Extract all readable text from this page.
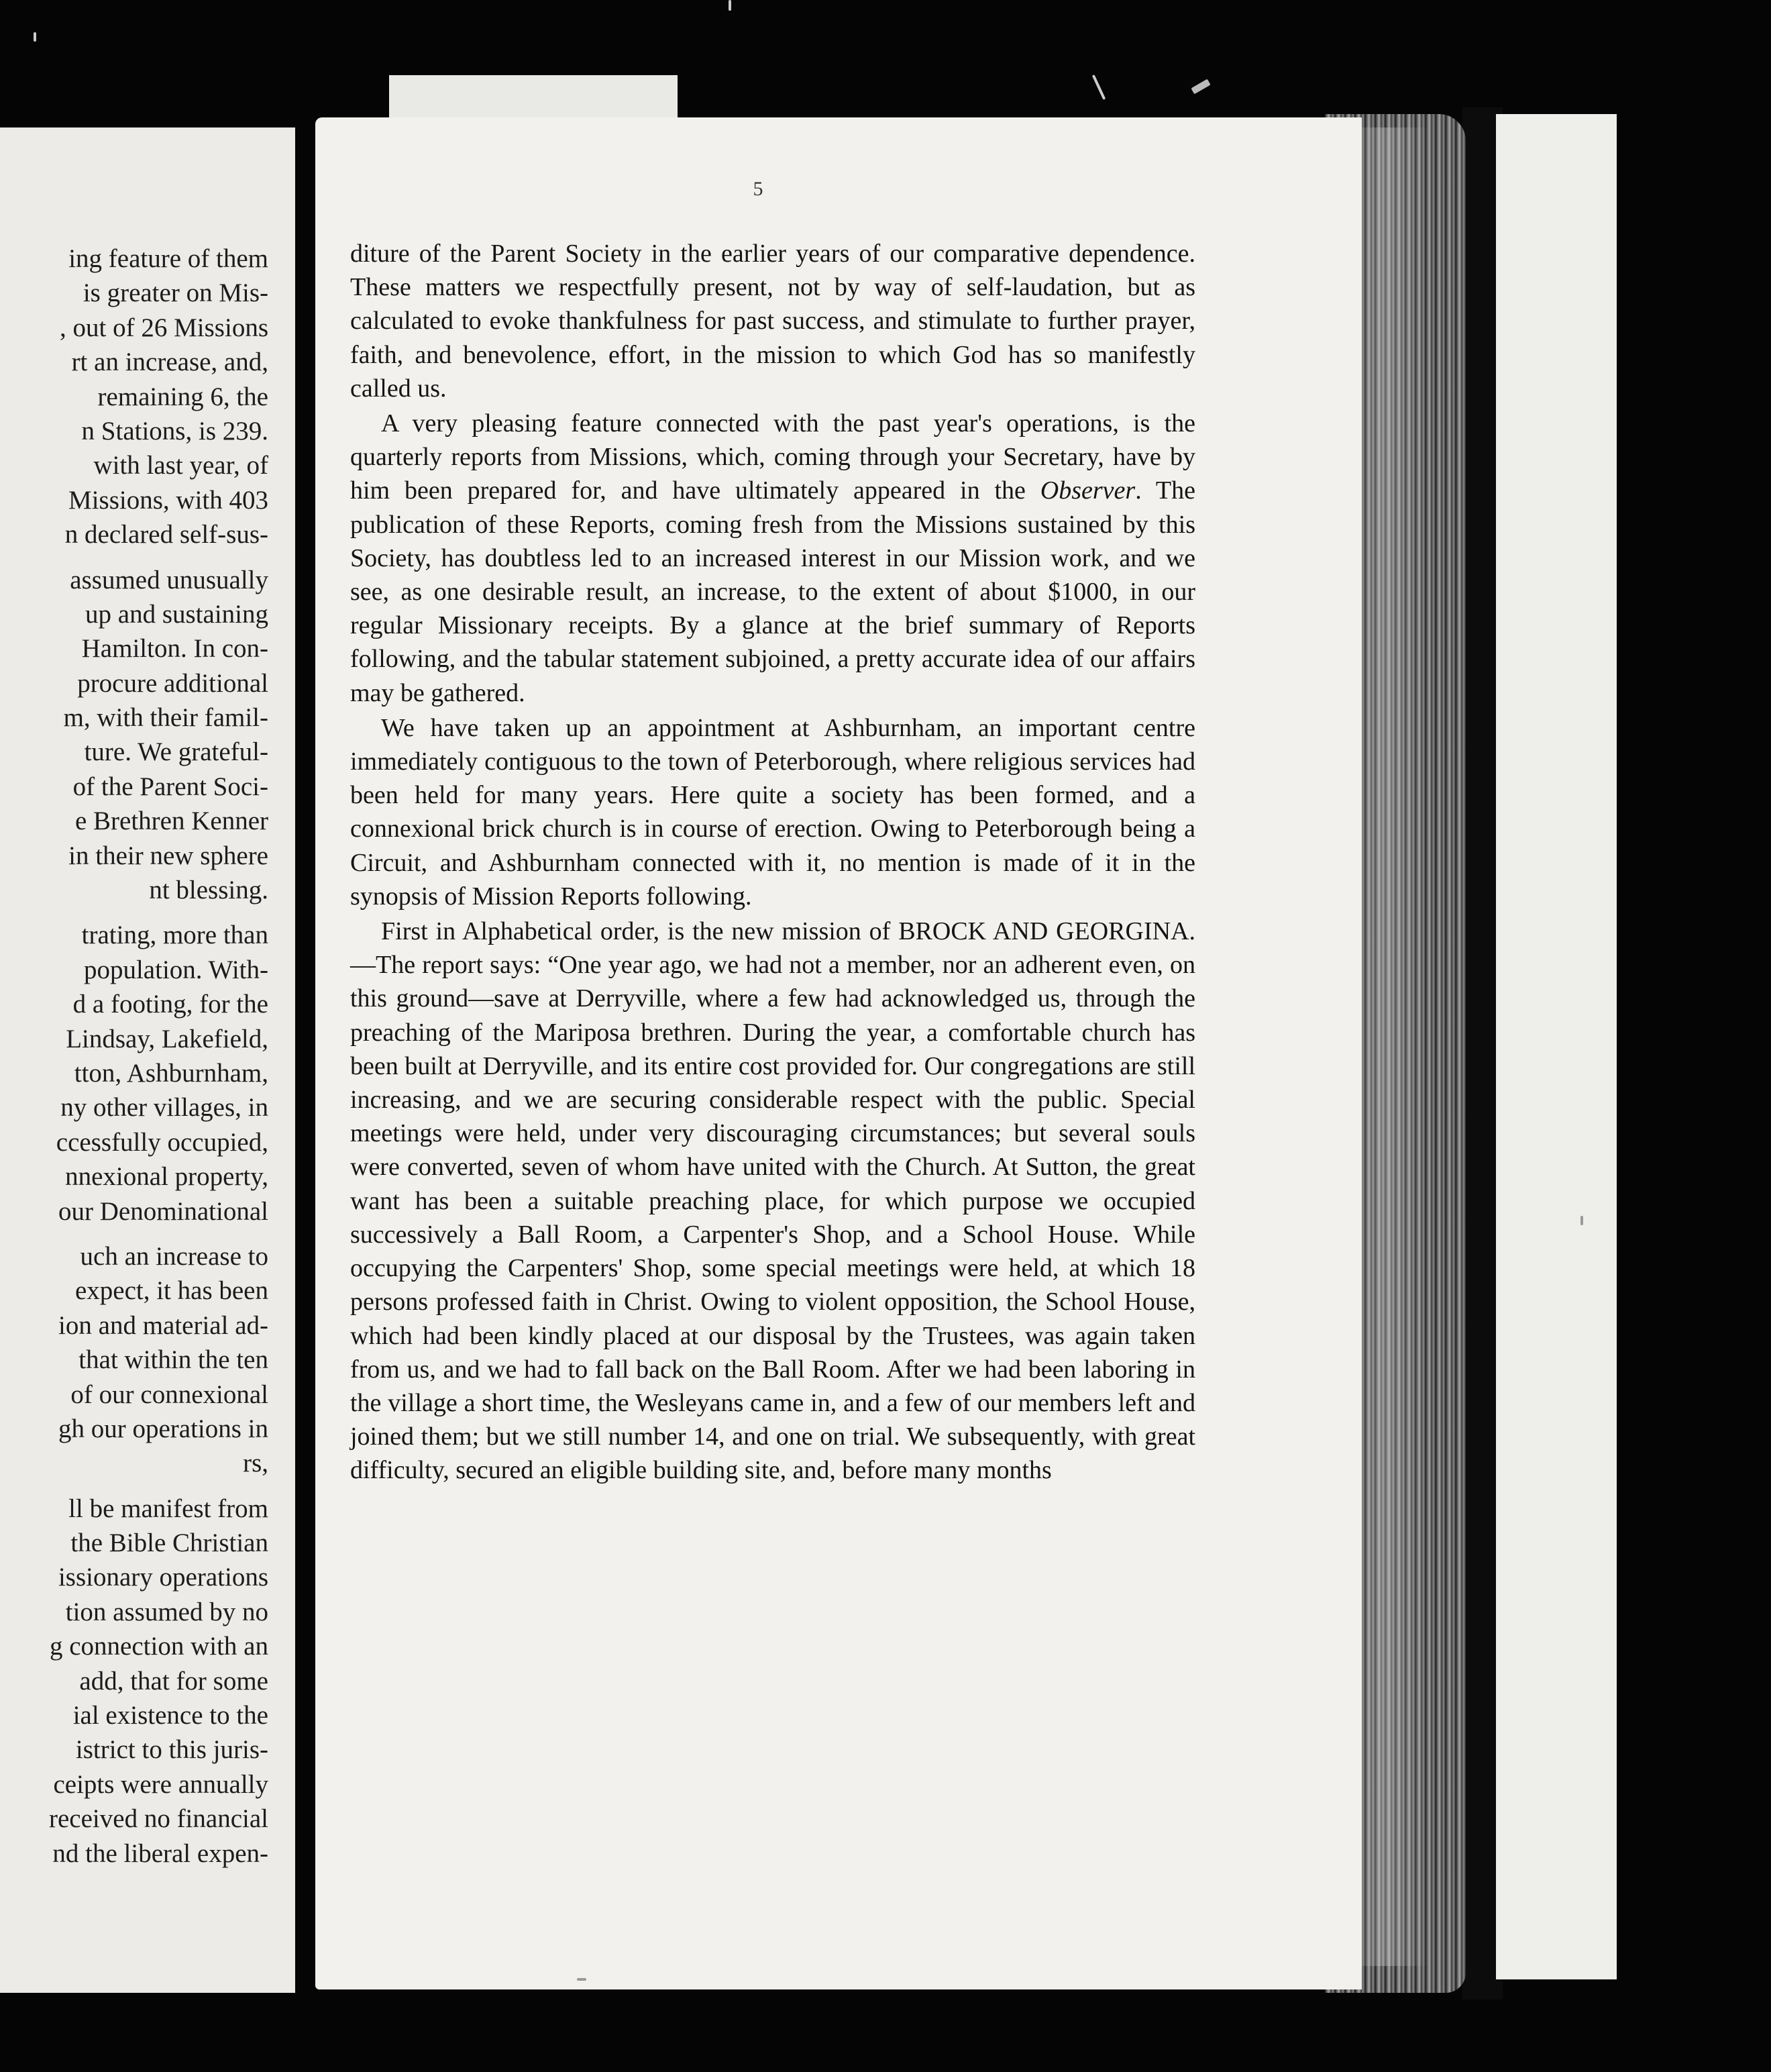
ing feature of them
is greater on Mis-
, out of 26 Missions
rt an increase, and,
remaining 6, the
n Stations, is 239.
with last year, of
Missions, with 403
n declared self-sus-
assumed unusually
up and sustaining
Hamilton. In con-
procure additional
m, with their famil-
ture. We grateful-
of the Parent Soci-
e Brethren Kenner
in their new sphere
nt blessing.
trating, more than
population. With-
d a footing, for the
Lindsay, Lakefield,
tton, Ashburnham,
ny other villages, in
ccessfully occupied,
nnexional property,
our Denominational
uch an increase to
expect, it has been
ion and material ad-
that within the ten
of our connexional
gh our operations in
rs,
ll be manifest from
the Bible Christian
issionary operations
tion assumed by no
g connection with an
add, that for some
ial existence to the
istrict to this juris-
ceipts were annually
received no financial
nd the liberal expen-
5

diture of the Parent Society in the earlier years of our comparative dependence. These matters we respectfully present, not by way of self-laudation, but as calculated to evoke thankfulness for past success, and stimulate to further prayer, faith, and benevolence, effort, in the mission to which God has so manifestly called us.

A very pleasing feature connected with the past year's operations, is the quarterly reports from Missions, which, coming through your Secretary, have by him been prepared for, and have ultimately appeared in the Observer. The publication of these Reports, coming fresh from the Missions sustained by this Society, has doubtless led to an increased interest in our Mission work, and we see, as one desirable result, an increase, to the extent of about $1000, in our regular Missionary receipts. By a glance at the brief summary of Reports following, and the tabular statement subjoined, a pretty accurate idea of our affairs may be gathered.

We have taken up an appointment at Ashburnham, an important centre immediately contiguous to the town of Peterborough, where religious services had been held for many years. Here quite a society has been formed, and a connexional brick church is in course of erection. Owing to Peterborough being a Circuit, and Ashburnham connected with it, no mention is made of it in the synopsis of Mission Reports following.

First in Alphabetical order, is the new mission of BROCK AND GEORGINA.—The report says: “One year ago, we had not a member, nor an adherent even, on this ground—save at Derryville, where a few had acknowledged us, through the preaching of the Mariposa brethren. During the year, a comfortable church has been built at Derryville, and its entire cost provided for. Our congregations are still increasing, and we are securing considerable respect with the public. Special meetings were held, under very discouraging circumstances; but several souls were converted, seven of whom have united with the Church. At Sutton, the great want has been a suitable preaching place, for which purpose we occupied successively a Ball Room, a Carpenter's Shop, and a School House. While occupying the Carpenters' Shop, some special meetings were held, at which 18 persons professed faith in Christ. Owing to violent opposition, the School House, which had been kindly placed at our disposal by the Trustees, was again taken from us, and we had to fall back on the Ball Room. After we had been laboring in the village a short time, the Wesleyans came in, and a few of our members left and joined them; but we still number 14, and one on trial. We subsequently, with great difficulty, secured an eligible building site, and, before many months
